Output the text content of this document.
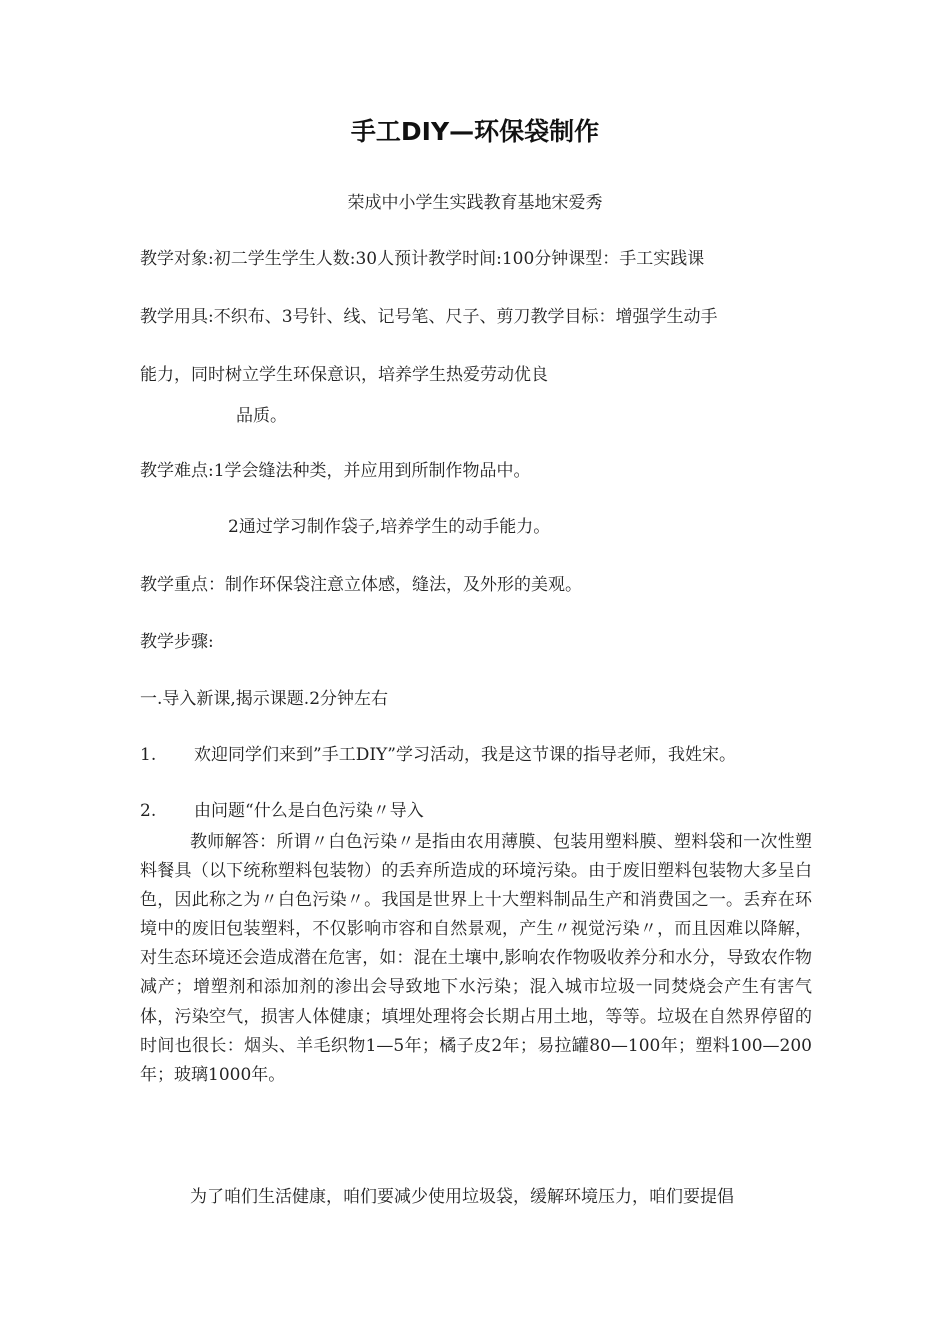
手工DIY—环保袋制作
荣成中小学生实践教育基地宋爱秀
教学对象:初二学生学生人数:30人预计教学时间:100分钟课型：手工实践课
教学用具:不织布、3号针、线、记号笔、尺子、剪刀教学目标：增强学生动手
能力，同时树立学生环保意识，培养学生热爱劳动优良
品质。
教学难点:1学会缝法种类，并应用到所制作物品中。
2通过学习制作袋子,培养学生的动手能力。
教学重点：制作环保袋注意立体感，缝法，及外形的美观。
教学步骤:
一.导入新课,揭示课题.2分钟左右
1. 欢迎同学们来到”手工DIY”学习活动，我是这节课的指导老师，我姓宋。
2. 由问题“什么是白色污染〃导入
教师解答：所谓〃白色污染〃是指由农用薄膜、包装用塑料膜、塑料袋和一次性塑料餐具（以下统称塑料包装物）的丢弃所造成的环境污染。由于废旧塑料包装物大多呈白色，因此称之为〃白色污染〃。我国是世界上十大塑料制品生产和消费国之一。丢弃在环境中的废旧包装塑料，不仅影响市容和自然景观，产生〃视觉污染〃，而且因难以降解，对生态环境还会造成潜在危害，如：混在土壤中,影响农作物吸收养分和水分，导致农作物减产；增塑剂和添加剂的渗出会导致地下水污染；混入城市垃圾一同焚烧会产生有害气体，污染空气，损害人体健康；填埋处理将会长期占用土地，等等。垃圾在自然界停留的时间也很长：烟头、羊毛织物1—5年；橘子皮2年；易拉罐80—100年；塑料100—200年；玻璃1000年。
为了咱们生活健康，咱们要减少使用垃圾袋，缓解环境压力，咱们要提倡
